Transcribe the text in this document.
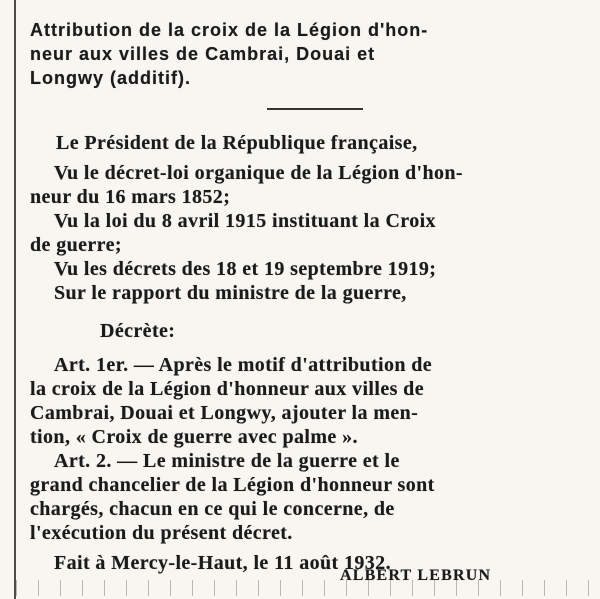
Attribution de la croix de la Légion d'hon-
neur aux villes de Cambrai, Douai et
Longwy (additif).
Le Président de la République française,
Vu le décret-loi organique de la Légion d'hon-
neur du 16 mars 1852;
Vu la loi du 8 avril 1915 instituant la Croix
de guerre;
Vu les décrets des 18 et 19 septembre 1919;
Sur le rapport du ministre de la guerre,
Décrète:
Art. 1er. — Après le motif d'attribution de
la croix de la Légion d'honneur aux villes de
Cambrai, Douai et Longwy, ajouter la men-
tion, « Croix de guerre avec palme ».
Art. 2. — Le ministre de la guerre et le
grand chancelier de la Légion d'honneur sont
chargés, chacun en ce qui le concerne, de
l'exécution du présent décret.
Fait à Mercy-le-Haut, le 11 août 1932.
ALBERT LEBRUN
